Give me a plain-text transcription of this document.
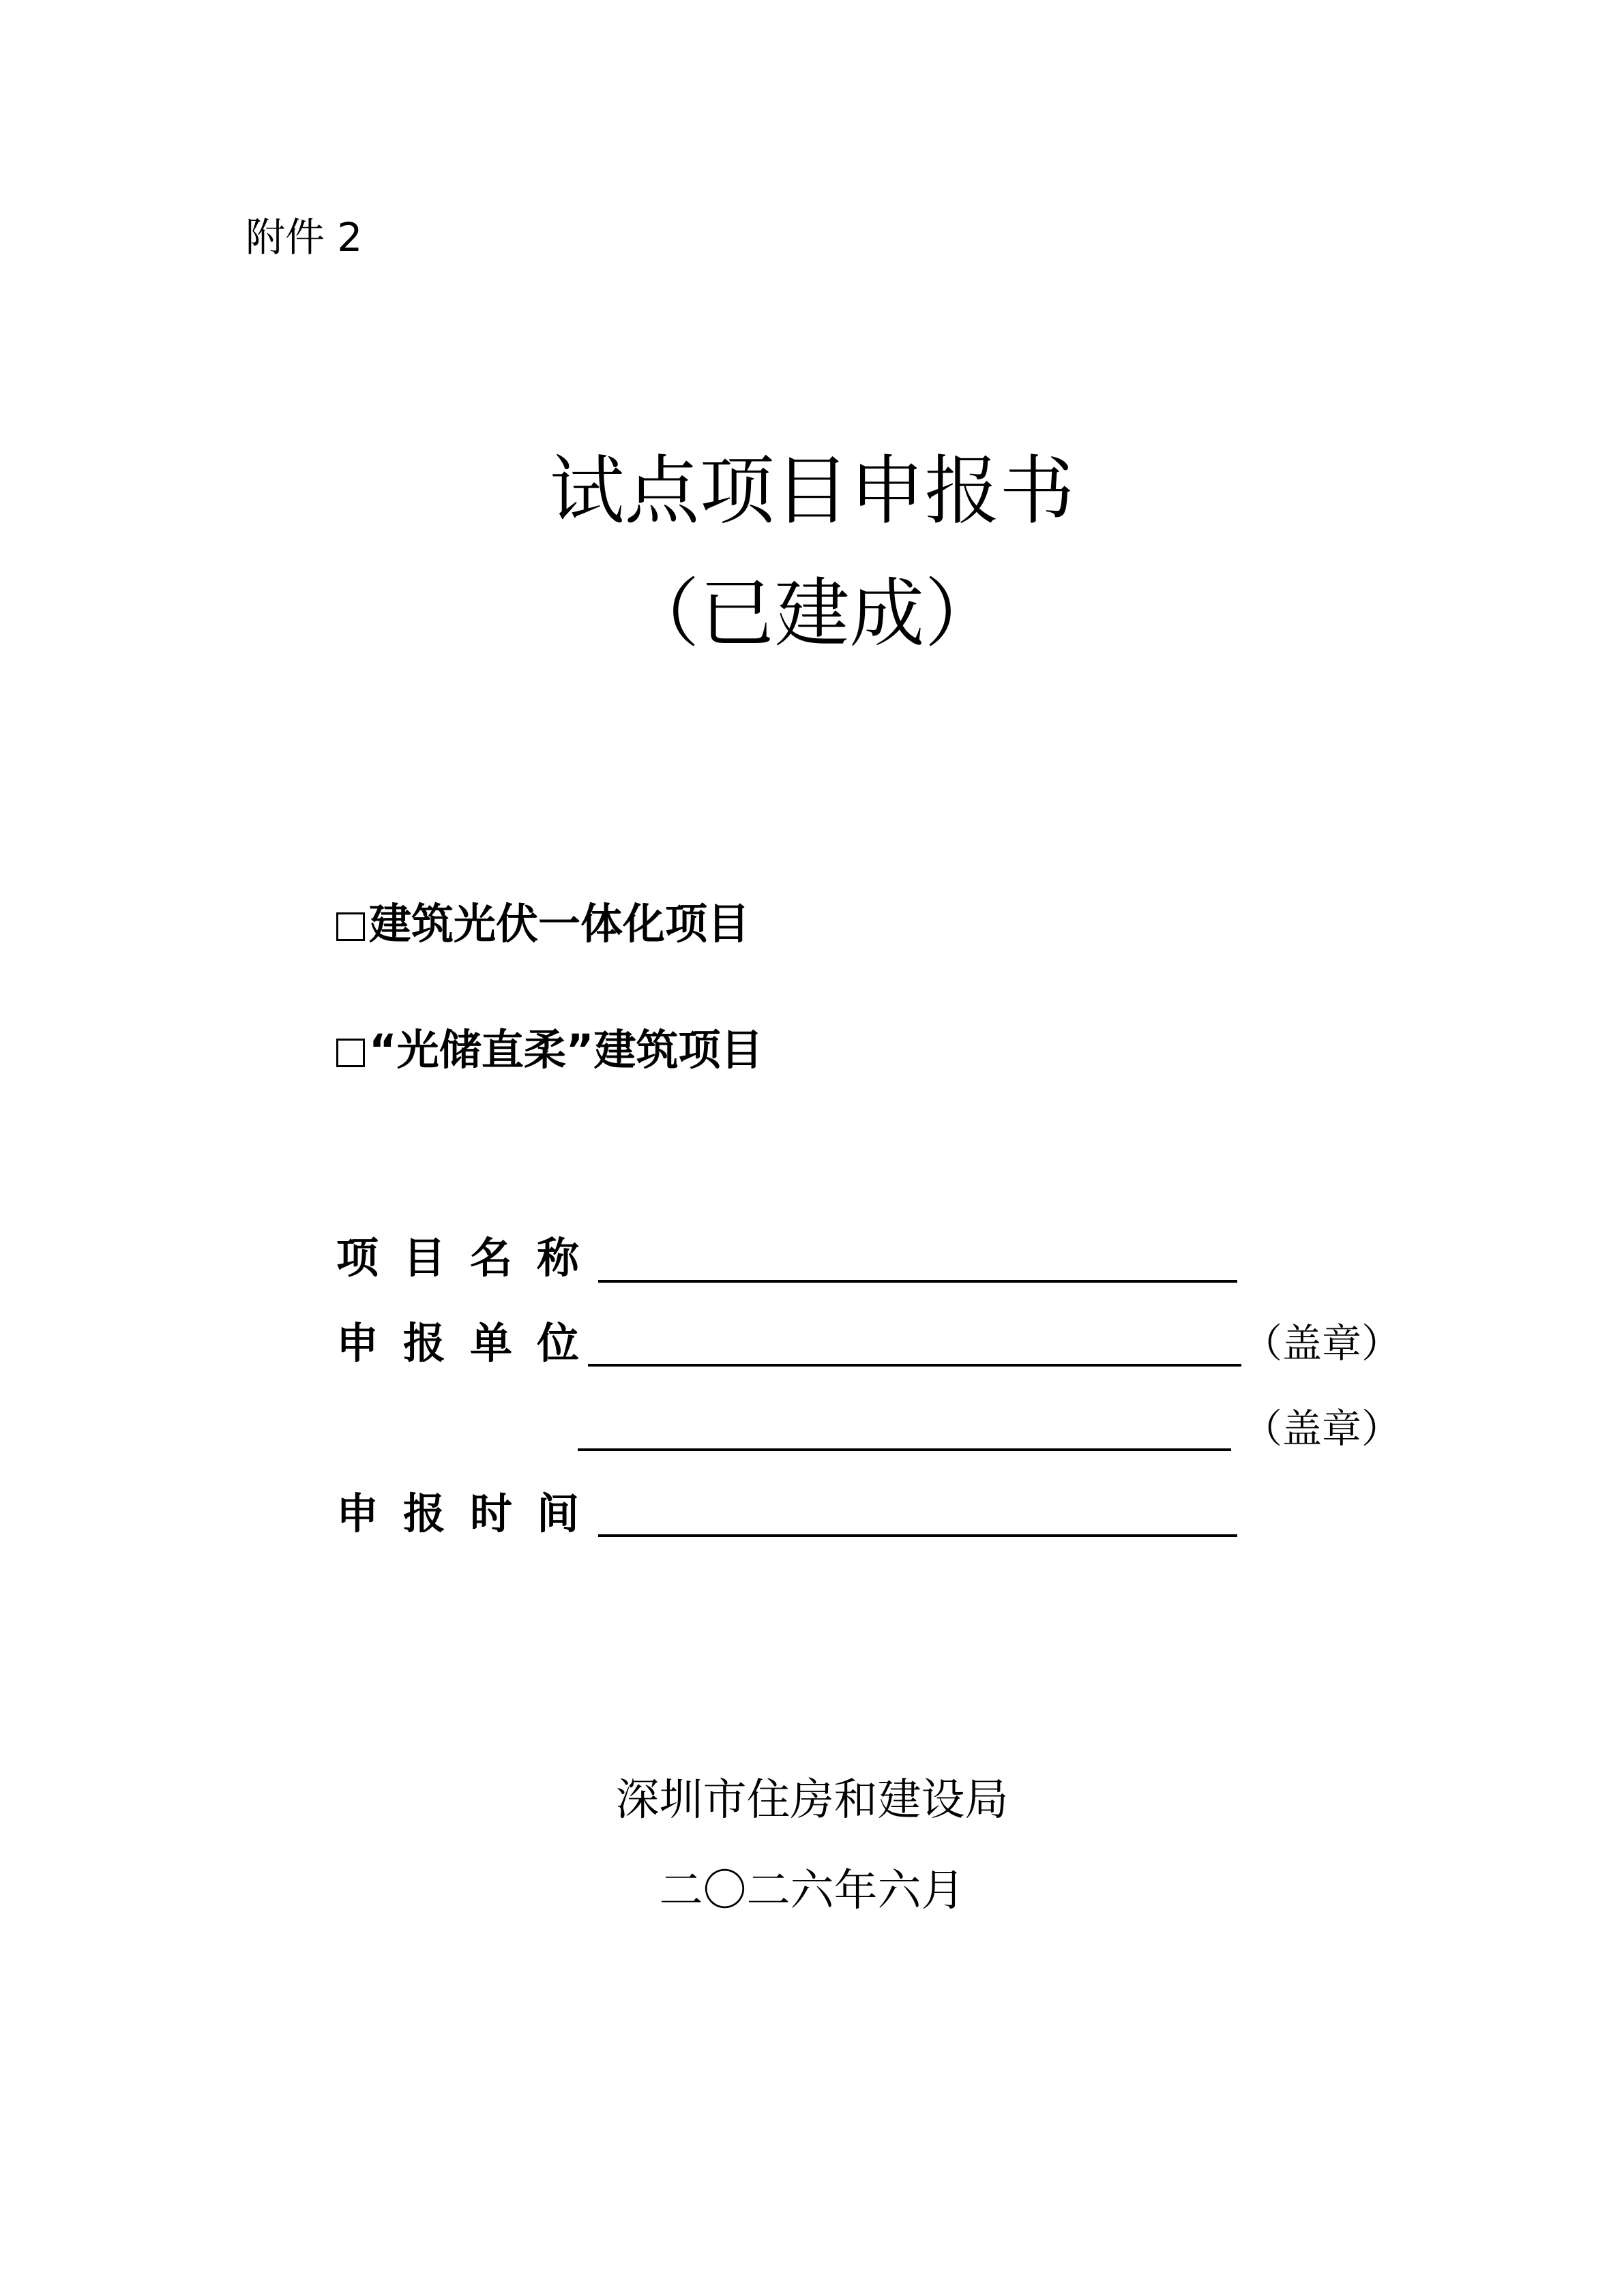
附件 2
试点项目申报书
（已建成）
建筑光伏一体化项目
“光储直柔”建筑项目
项目名称
申报单位	（盖章）
（盖章）
申报时间
深圳市住房和建设局
二〇二六年六月
